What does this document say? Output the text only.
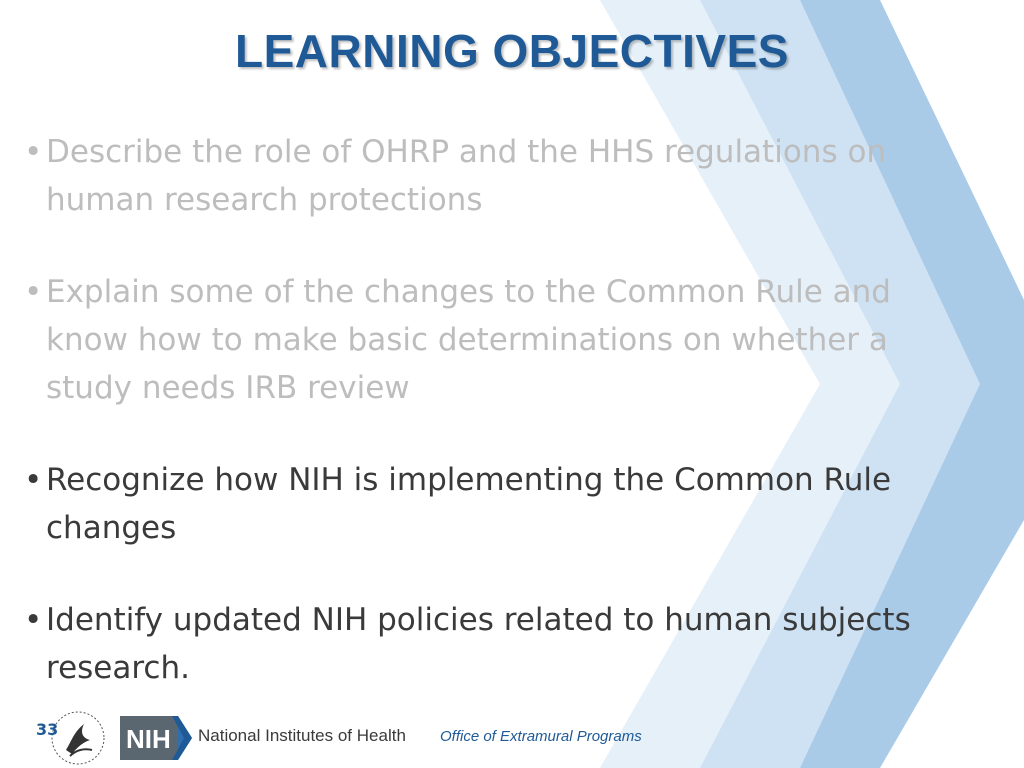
LEARNING OBJECTIVES
• Describe the role of OHRP and the HHS regulations on human research protections
• Explain some of the changes to the Common Rule and know how to make basic determinations on whether a study needs IRB review
• Recognize how NIH is implementing the Common Rule changes
• Identify updated NIH policies related to human subjects research.
33	NIH National Institutes of Health Office of Extramural Programs
